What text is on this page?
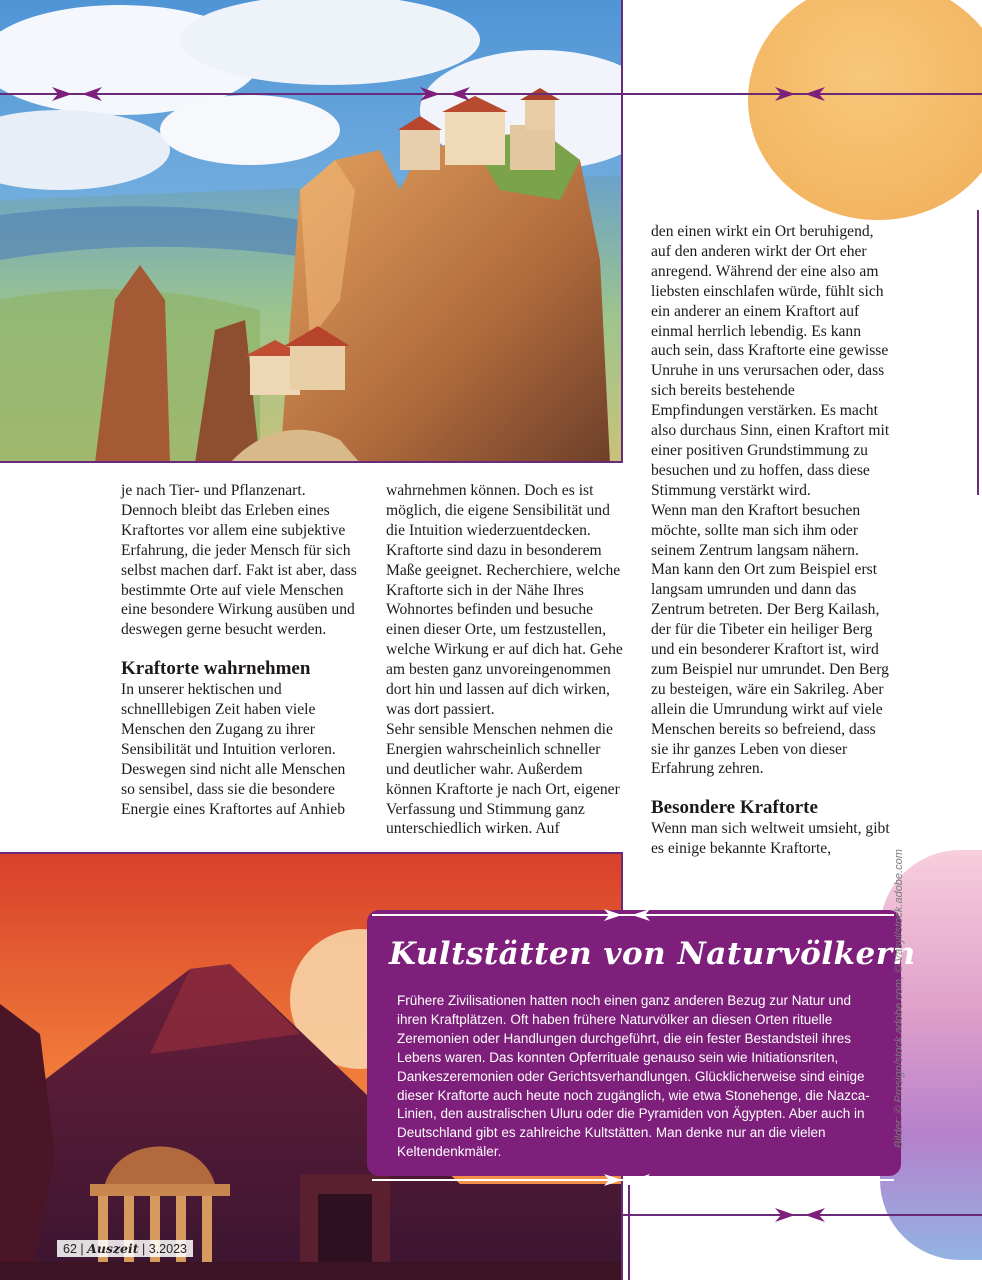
je nach Tier- und Pflanzenart. Dennoch bleibt das Erleben eines Kraftortes vor allem eine subjektive Erfahrung, die jeder Mensch für sich selbst machen darf. Fakt ist aber, dass bestimmte Orte auf viele Menschen eine besondere Wirkung ausüben und deswegen gerne besucht werden.

Kraftorte wahrnehmen

In unserer hektischen und schnelllebigen Zeit haben viele Menschen den Zugang zu ihrer Sensibilität und Intuition verloren. Deswegen sind nicht alle Menschen so sensibel, dass sie die besondere Energie eines Kraftortes auf Anhieb

wahrnehmen können. Doch es ist möglich, die eigene Sensibilität und die Intuition wiederzuentdecken. Kraftorte sind dazu in besonderem Maße geeignet. Recherchiere, welche Kraftorte sich in der Nähe Ihres Wohnortes befinden und besuche einen dieser Orte, um festzustellen, welche Wirkung er auf dich hat. Gehe am besten ganz unvoreingenommen dort hin und lassen auf dich wirken, was dort passiert.

Sehr sensible Menschen nehmen die Energien wahrscheinlich schneller und deutlicher wahr. Außerdem können Kraftorte je nach Ort, eigener Verfassung und Stimmung ganz unterschiedlich wirken. Auf

den einen wirkt ein Ort beruhigend, auf den anderen wirkt der Ort eher anregend. Während der eine also am liebsten einschlafen würde, fühlt sich ein anderer an einem Kraftort auf einmal herrlich lebendig. Es kann auch sein, dass Kraftorte eine gewisse Unruhe in uns verursachen oder, dass sich bereits bestehende Empfindungen verstärken. Es macht also durchaus Sinn, einen Kraftort mit einer positiven Grundstimmung zu besuchen und zu hoffen, dass diese Stimmung verstärkt wird.

Wenn man den Kraftort besuchen möchte, sollte man sich ihm oder seinem Zentrum langsam nähern. Man kann den Ort zum Beispiel erst langsam umrunden und dann das Zentrum betreten. Der Berg Kailash, der für die Tibeter ein heiliger Berg und ein besonderer Kraftort ist, wird zum Beispiel nur umrundet. Den Berg zu besteigen, wäre ein Sakrileg. Aber allein die Umrundung wirkt auf viele Menschen bereits so befreiend, dass sie ihr ganzes Leben von dieser Erfahrung zehren.

Besondere Kraftorte

Wenn man sich weltweit umsieht, gibt es einige bekannte Kraftorte,

Kultstätten von Naturvölkern
Frühere Zivilisationen hatten noch einen ganz anderen Bezug zur Natur und ihren Kraftplätzen. Oft haben frühere Naturvölker an diesen Orten rituelle Zeremonien oder Handlungen durchgeführt, die ein fester Bestandsteil ihres Lebens waren. Das konnten Opferrituale genauso sein wie Initiationsriten, Dankeszeremonien oder Gerichtsverhandlungen. Glücklicherweise sind einige dieser Kraftorte auch heute noch zugänglich, wie etwa Stonehenge, die Nazca-Linien, den australischen Uluru oder die Pyramiden von Ägypten. Aber auch in Deutschland gibt es zahlreiche Kultstätten. Man denke nur an die vielen Keltendenkmäler.
Bilder: © Prosign/stock.adobe.com, © Vasyl/stock.adobe.com
62 | Auszeit | 3.2023
